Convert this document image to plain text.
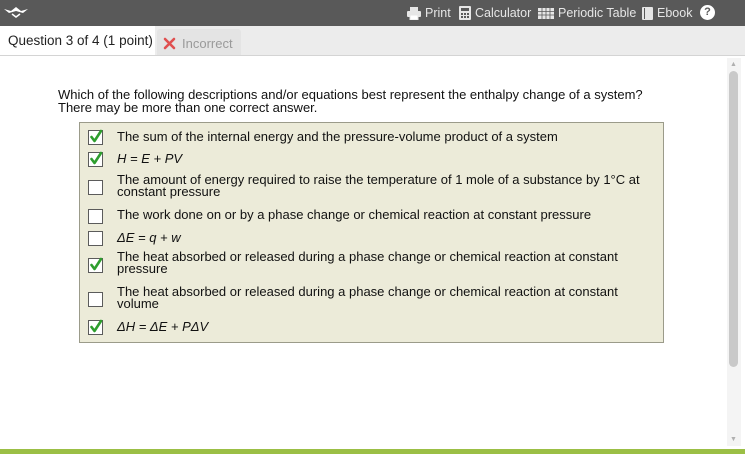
Print Calculator Periodic Table Ebook	?
Question 3 of 4 (1 point) Incorrect
Which of the following descriptions and/or equations best represent the enthalpy change of a system?
There may be more than one correct answer.
The sum of the internal energy and the pressure-volume product of a system
H = E + PV
The amount of energy required to raise the temperature of 1 mole of a substance by 1°C at
constant pressure
The work done on or by a phase change or chemical reaction at constant pressure
ΔE = q + w
The heat absorbed or released during a phase change or chemical reaction at constant
pressure
The heat absorbed or released during a phase change or chemical reaction at constant
volume
ΔH = ΔE + PΔV
▲
▼
